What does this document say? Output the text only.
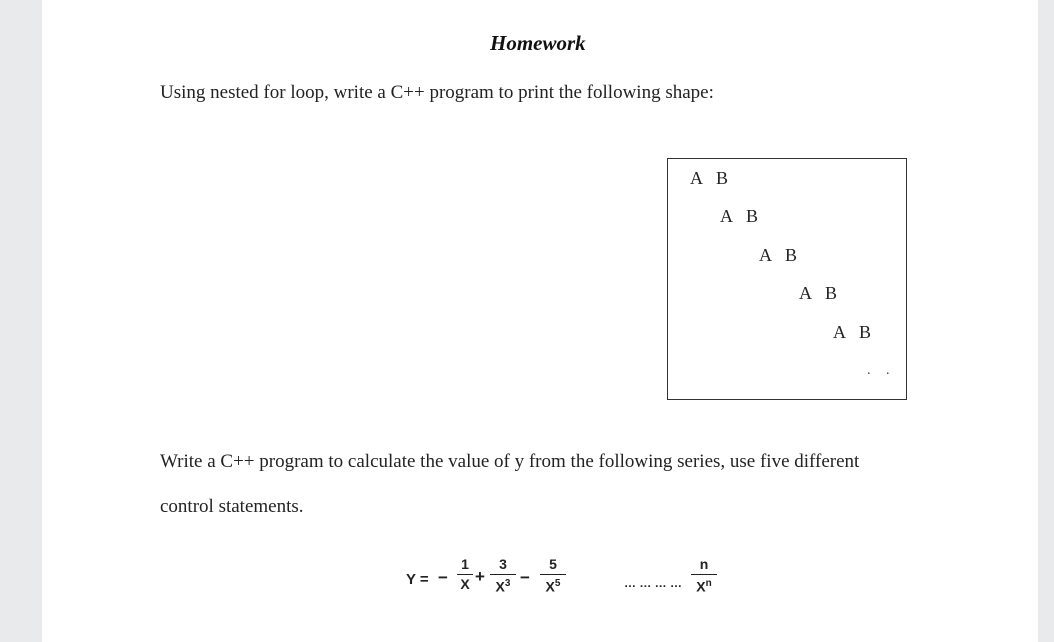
Homework
Using nested for loop, write a C++ program to print the following shape:
A B
A B
A B
A B
A B
. .
Write a C++ program to calculate the value of y from the following series, use five different
control statements.
Y = −
1
X +
3
$X^3$ −
5
$X^5$	… … … …
n
$X^n$
